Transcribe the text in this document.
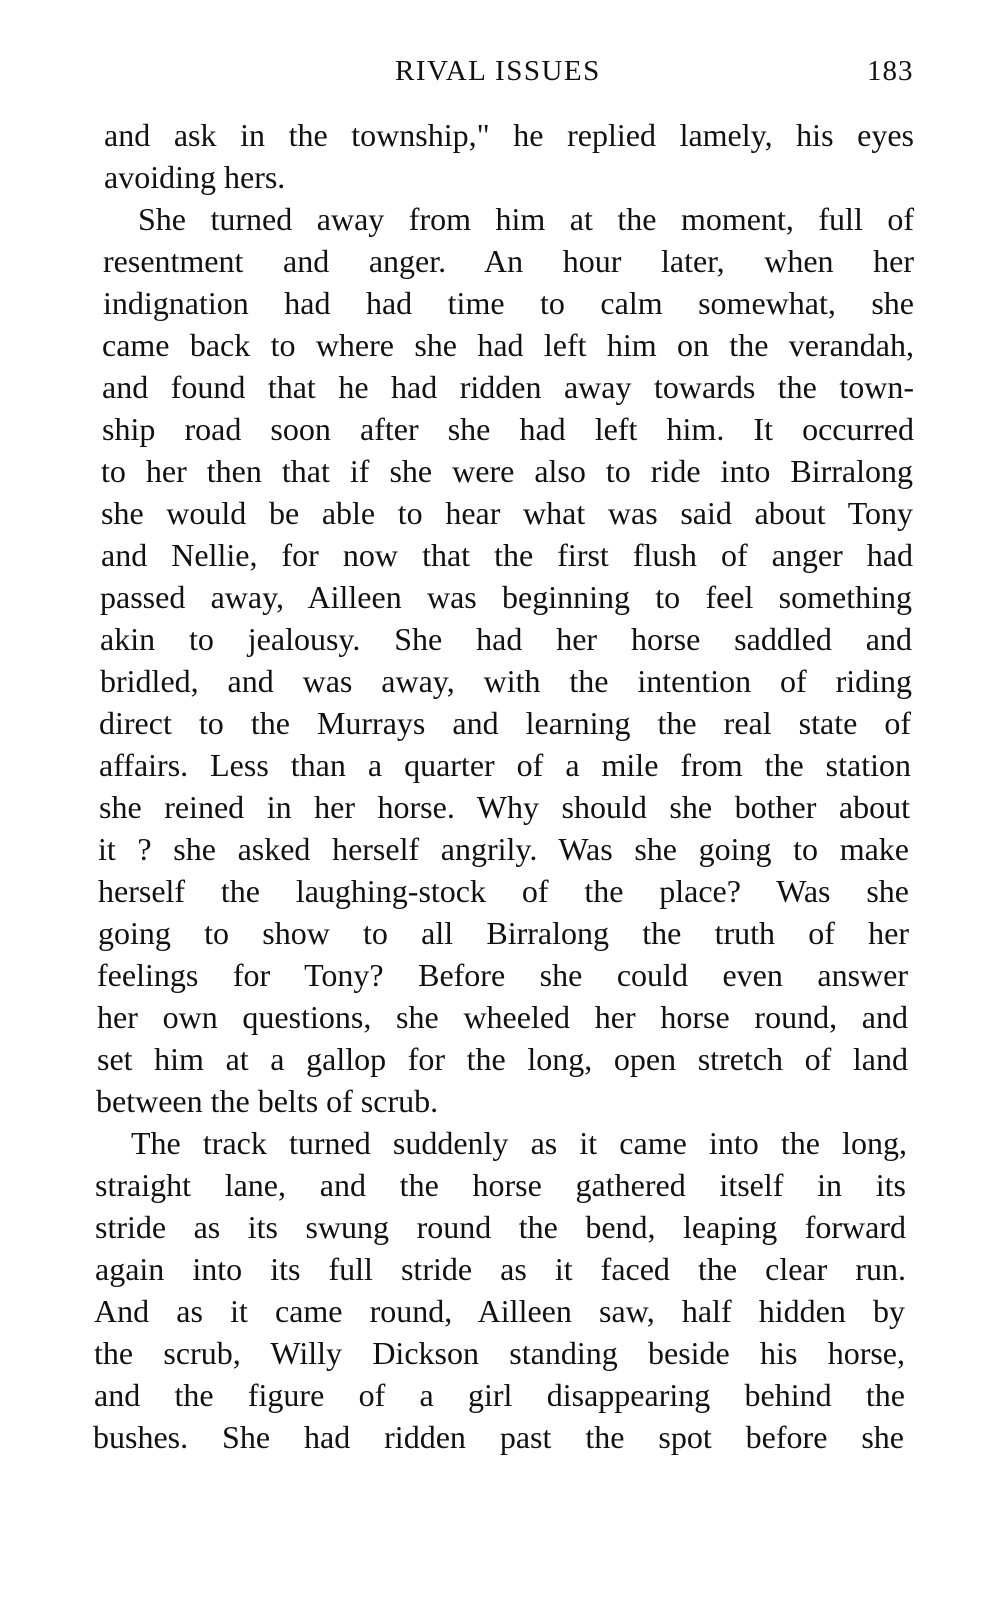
RIVAL ISSUES	183
and ask in the township," he replied lamely, his eyes
avoiding hers.
She turned away from him at the moment, full of
resentment and anger. An hour later, when her
indignation had had time to calm somewhat, she
came back to where she had left him on the verandah,
and found that he had ridden away towards the town-
ship road soon after she had left him. It occurred
to her then that if she were also to ride into Birralong
she would be able to hear what was said about Tony
and Nellie, for now that the first flush of anger had
passed away, Ailleen was beginning to feel something
akin to jealousy. She had her horse saddled and
bridled, and was away, with the intention of riding
direct to the Murrays and learning the real state of
affairs. Less than a quarter of a mile from the station
she reined in her horse. Why should she bother about
it ? she asked herself angrily. Was she going to make
herself the laughing-stock of the place? Was she
going to show to all Birralong the truth of her
feelings for Tony? Before she could even answer
her own questions, she wheeled her horse round, and
set him at a gallop for the long, open stretch of land
between the belts of scrub.
The track turned suddenly as it came into the long,
straight lane, and the horse gathered itself in its
stride as its swung round the bend, leaping forward
again into its full stride as it faced the clear run.
And as it came round, Ailleen saw, half hidden by
the scrub, Willy Dickson standing beside his horse,
and the figure of a girl disappearing behind the
bushes. She had ridden past the spot before she
